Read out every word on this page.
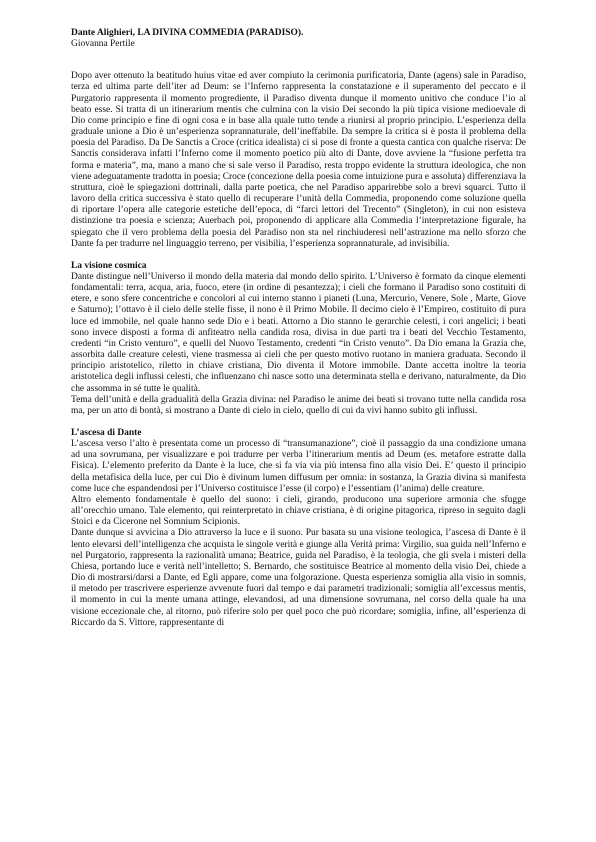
Dante Alighieri, LA DIVINA COMMEDIA (PARADISO).
Giovanna Pertile

Dopo aver ottenuto la beatitudo huius vitae ed aver compiuto la cerimonia purificatoria, Dante (agens) sale in Paradiso, terza ed ultima parte dell’iter ad Deum: se l’Inferno rappresenta la constatazione e il superamento del peccato e il Purgatorio rappresenta il momento progrediente, il Paradiso diventa dunque il momento unitivo che conduce l’io al beato esse. Si tratta di un itinerarium mentis che culmina con la visio Dei secondo la più tipica visione medioevale di Dio come principio e fine di ogni cosa e in base alla quale tutto tende a riunirsi al proprio principio. L’esperienza della graduale unione a Dio è un’esperienza soprannaturale, dell’ineffabile. Da sempre la critica si è posta il problema della poesia del Paradiso. Da De Sanctis a Croce (critica idealista) ci si pose di fronte a questa cantica con qualche riserva: De Sanctis considerava infatti l’Inferno come il momento poetico più alto di Dante, dove avviene la “fusione perfetta tra forma e materia”, ma, mano a mano che si sale verso il Paradiso, resta troppo evidente la struttura ideologica, che non viene adeguatamente tradotta in poesia; Croce (concezione della poesia come intuizione pura e assoluta) differenziava la struttura, cioè le spiegazioni dottrinali, dalla parte poetica, che nel Paradiso apparirebbe solo a brevi squarci. Tutto il lavoro della critica successiva è stato quello di recuperare l’unità della Commedia, proponendo come soluzione quella di riportare l’opera alle categorie estetiche dell’epoca, di “farci lettori del Trecento” (Singleton), in cui non esisteva distinzione tra poesia e scienza; Auerbach poi, proponendo di applicare alla Commedia l’interpretazione figurale, ha spiegato che il vero problema della poesia del Paradiso non sta nel rinchiuderesi nell’astrazione ma nello sforzo che Dante fa per tradurre nel linguaggio terreno, per visibilia, l’esperienza soprannaturale, ad invisibilia.

La visione cosmica

Dante distingue nell’Universo il mondo della materia dal mondo dello spirito. L’Universo è formato da cinque elementi fondamentali: terra, acqua, aria, fuoco, etere (in ordine di pesantezza); i cieli che formano il Paradiso sono costituiti di etere, e sono sfere concentriche e concolori al cui interno stanno i pianeti (Luna, Mercurio, Venere, Sole , Marte, Giove e Saturno); l’ottavo è il cielo delle stelle fisse, il nono è il Primo Mobile. Il decimo cielo è l’Empireo, costituito di pura luce ed immobile, nel quale hanno sede Dio e i beati. Attorno a Dio stanno le gerarchie celesti, i cori angelici; i beati sono invece disposti a forma di anfiteatro nella candida rosa, divisa in due parti tra i beati del Vecchio Testamento, credenti “in Cristo venturo”, e quelli del Nuovo Testamento, credenti “in Cristo venuto”. Da Dio emana la Grazia che, assorbita dalle creature celesti, viene trasmessa ai cieli che per questo motivo ruotano in maniera graduata. Secondo il principio aristotelico, riletto in chiave cristiana, Dio diventa il Motore immobile. Dante accetta inoltre la teoria aristotelica degli influssi celesti, che influenzano chi nasce sotto una determinata stella e derivano, naturalmente, da Dio che assomma in sé tutte le qualità.

Tema dell’unità e della gradualità della Grazia divina: nel Paradiso le anime dei beati si trovano tutte nella candida rosa ma, per un atto di bontà, si mostrano a Dante di cielo in cielo, quello di cui da vivi hanno subito gli influssi.

L’ascesa di Dante

L’ascesa verso l’alto è presentata come un processo di “transumanazione”, cioè il passaggio da una condizione umana ad una sovrumana, per visualizzare e poi tradurre per verba l’itinerarium mentis ad Deum (es. metafore estratte dalla Fisica). L’elemento preferito da Dante è la luce, che si fa via via più intensa fino alla visio Dei. E’ questo il principio della metafisica della luce, per cui Dio è divinum lumen diffusum per omnia: in sostanza, la Grazia divina si manifesta come luce che espandendosi per l’Universo costituisce l’esse (il corpo) e l’essentiam (l’anima) delle creature.

Altro elemento fondamentale è quello del suono: i cieli, girando, producono una superiore armonia che sfugge all’orecchio umano. Tale elemento, qui reinterpretato in chiave cristiana, è di origine pitagorica, ripreso in seguito dagli Stoici e da Cicerone nel Somnium Scipionis.

Dante dunque si avvicina a Dio attraverso la luce e il suono. Pur basata su una visione teologica, l’ascesa di Dante è il lento elevarsi dell’intelligenza che acquista le singole verità e giunge alla Verità prima: Virgilio, sua guida nell’Inferno e nel Purgatorio, rappresenta la razionalità umana; Beatrice, guida nel Paradiso, è la teologia, che gli svela i misteri della Chiesa, portando luce e verità nell’intelletto; S. Bernardo, che sostituisce Beatrice al momento della visio Dei, chiede a Dio di mostrarsi/darsi a Dante, ed Egli appare, come una folgorazione. Questa esperienza somiglia alla visio in somnis, il metodo per trascrivere esperienze avvenute fuori dal tempo e dai parametri tradizionali; somiglia all’excessus mentis, il momento in cui la mente umana attinge, elevandosi, ad una dimensione sovrumana, nel corso della quale ha una visione eccezionale che, al ritorno, può riferire solo per quel poco che può ricordare; somiglia, infine, all’esperienza di Riccardo da S. Vittore, rappresentante di
